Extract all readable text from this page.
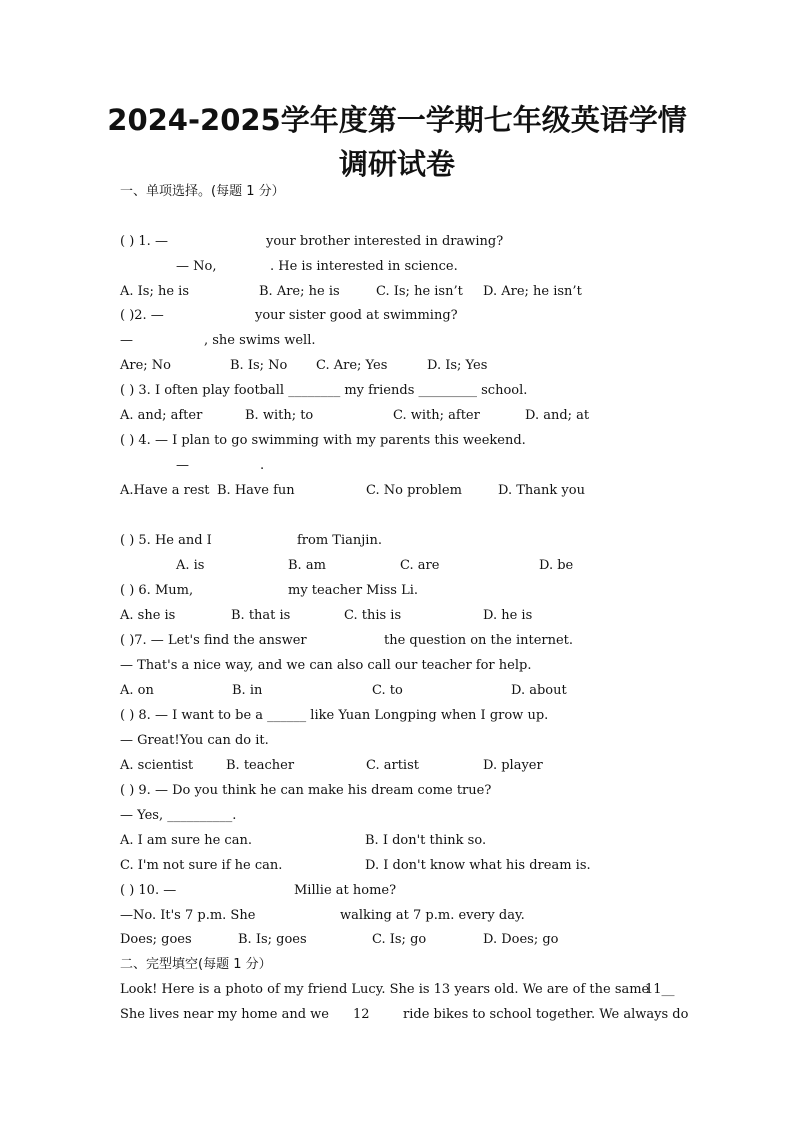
2024-2025学年度第一学期七年级英语学情
调研试卷
一、单项选择。(每题 1 分）
( ) 1. —	your brother interested in drawing?
— No,	. He is interested in science.
A. Is; he is	B. Are; he is	C. Is; he isn’t D. Are; he isn’t
( )2. —	your sister good at swimming?
—	, she swims well.
Are; No	B. Is; No C. Are; Yes	D. Is; Yes
( ) 3. I often play football ________ my friends _________ school.
A. and; after	B. with; to	C. with; after	D. and; at
( ) 4. — I plan to go swimming with my parents this weekend.
—	.
A.Have a rest B. Have fun	C. No problem	D. Thank you
( ) 5. He and I	from Tianjin.
A. is	B. am	C. are	D. be
( ) 6. Mum,	my teacher Miss Li.
A. she is	B. that is	C. this is	D. he is
( )7. — Let's find the answer	the question on the internet.
— That's a nice way, and we can also call our teacher for help.
A. on	B. in	C. to	D. about
( ) 8. — I want to be a ______ like Yuan Longping when I grow up.
— Great!You can do it.
A. scientist	B. teacher	C. artist	D. player
( ) 9. — Do you think he can make his dream come true?
— Yes, __________.
A. I am sure he can.	B. I don't think so.
C. I'm not sure if he can.	D. I don't know what his dream is.
( ) 10. —	Millie at home?
—No. It's 7 p.m. She	walking at 7 p.m. every day.
Does; goes	B. Is; goes	C. Is; go	D. Does; go
二、完型填空(每题 1 分）
Look! Here is a photo of my friend Lucy. She is 13 years old. We are of the same
11__
She lives near my home and we 12	ride bikes to school together. We always do
